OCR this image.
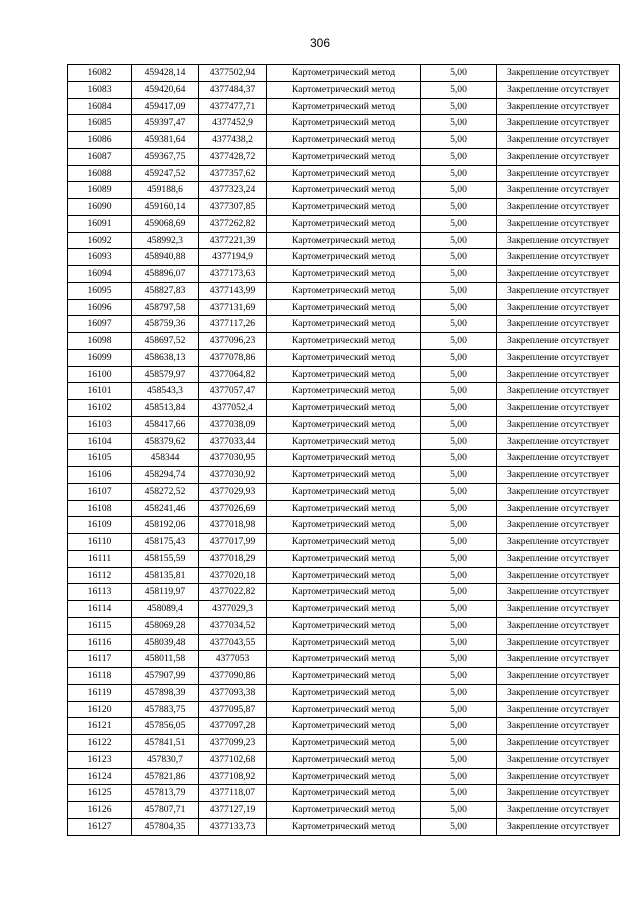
306
16082	459428,14	4377502,94	Картометрический метод	5,00	Закрепление отсутствует
16083	459420,64	4377484,37	Картометрический метод	5,00	Закрепление отсутствует
16084	459417,09	4377477,71	Картометрический метод	5,00	Закрепление отсутствует
16085	459397,47	4377452,9	Картометрический метод	5,00	Закрепление отсутствует
16086	459381,64	4377438,2	Картометрический метод	5,00	Закрепление отсутствует
16087	459367,75	4377428,72	Картометрический метод	5,00	Закрепление отсутствует
16088	459247,52	4377357,62	Картометрический метод	5,00	Закрепление отсутствует
16089	459188,6	4377323,24	Картометрический метод	5,00	Закрепление отсутствует
16090	459160,14	4377307,85	Картометрический метод	5,00	Закрепление отсутствует
16091	459068,69	4377262,82	Картометрический метод	5,00	Закрепление отсутствует
16092	458992,3	4377221,39	Картометрический метод	5,00	Закрепление отсутствует
16093	458940,88	4377194,9	Картометрический метод	5,00	Закрепление отсутствует
16094	458896,07	4377173,63	Картометрический метод	5,00	Закрепление отсутствует
16095	458827,83	4377143,99	Картометрический метод	5,00	Закрепление отсутствует
16096	458797,58	4377131,69	Картометрический метод	5,00	Закрепление отсутствует
16097	458759,36	4377117,26	Картометрический метод	5,00	Закрепление отсутствует
16098	458697,52	4377096,23	Картометрический метод	5,00	Закрепление отсутствует
16099	458638,13	4377078,86	Картометрический метод	5,00	Закрепление отсутствует
16100	458579,97	4377064,82	Картометрический метод	5,00	Закрепление отсутствует
16101	458543,3	4377057,47	Картометрический метод	5,00	Закрепление отсутствует
16102	458513,84	4377052,4	Картометрический метод	5,00	Закрепление отсутствует
16103	458417,66	4377038,09	Картометрический метод	5,00	Закрепление отсутствует
16104	458379,62	4377033,44	Картометрический метод	5,00	Закрепление отсутствует
16105	458344	4377030,95	Картометрический метод	5,00	Закрепление отсутствует
16106	458294,74	4377030,92	Картометрический метод	5,00	Закрепление отсутствует
16107	458272,52	4377029,93	Картометрический метод	5,00	Закрепление отсутствует
16108	458241,46	4377026,69	Картометрический метод	5,00	Закрепление отсутствует
16109	458192,06	4377018,98	Картометрический метод	5,00	Закрепление отсутствует
16110	458175,43	4377017,99	Картометрический метод	5,00	Закрепление отсутствует
16111	458155,59	4377018,29	Картометрический метод	5,00	Закрепление отсутствует
16112	458135,81	4377020,18	Картометрический метод	5,00	Закрепление отсутствует
16113	458119,97	4377022,82	Картометрический метод	5,00	Закрепление отсутствует
16114	458089,4	4377029,3	Картометрический метод	5,00	Закрепление отсутствует
16115	458069,28	4377034,52	Картометрический метод	5,00	Закрепление отсутствует
16116	458039,48	4377043,55	Картометрический метод	5,00	Закрепление отсутствует
16117	458011,58	4377053	Картометрический метод	5,00	Закрепление отсутствует
16118	457907,99	4377090,86	Картометрический метод	5,00	Закрепление отсутствует
16119	457898,39	4377093,38	Картометрический метод	5,00	Закрепление отсутствует
16120	457883,75	4377095,87	Картометрический метод	5,00	Закрепление отсутствует
16121	457856,05	4377097,28	Картометрический метод	5,00	Закрепление отсутствует
16122	457841,51	4377099,23	Картометрический метод	5,00	Закрепление отсутствует
16123	457830,7	4377102,68	Картометрический метод	5,00	Закрепление отсутствует
16124	457821,86	4377108,92	Картометрический метод	5,00	Закрепление отсутствует
16125	457813,79	4377118,07	Картометрический метод	5,00	Закрепление отсутствует
16126	457807,71	4377127,19	Картометрический метод	5,00	Закрепление отсутствует
16127	457804,35	4377133,73	Картометрический метод	5,00	Закрепление отсутствует
